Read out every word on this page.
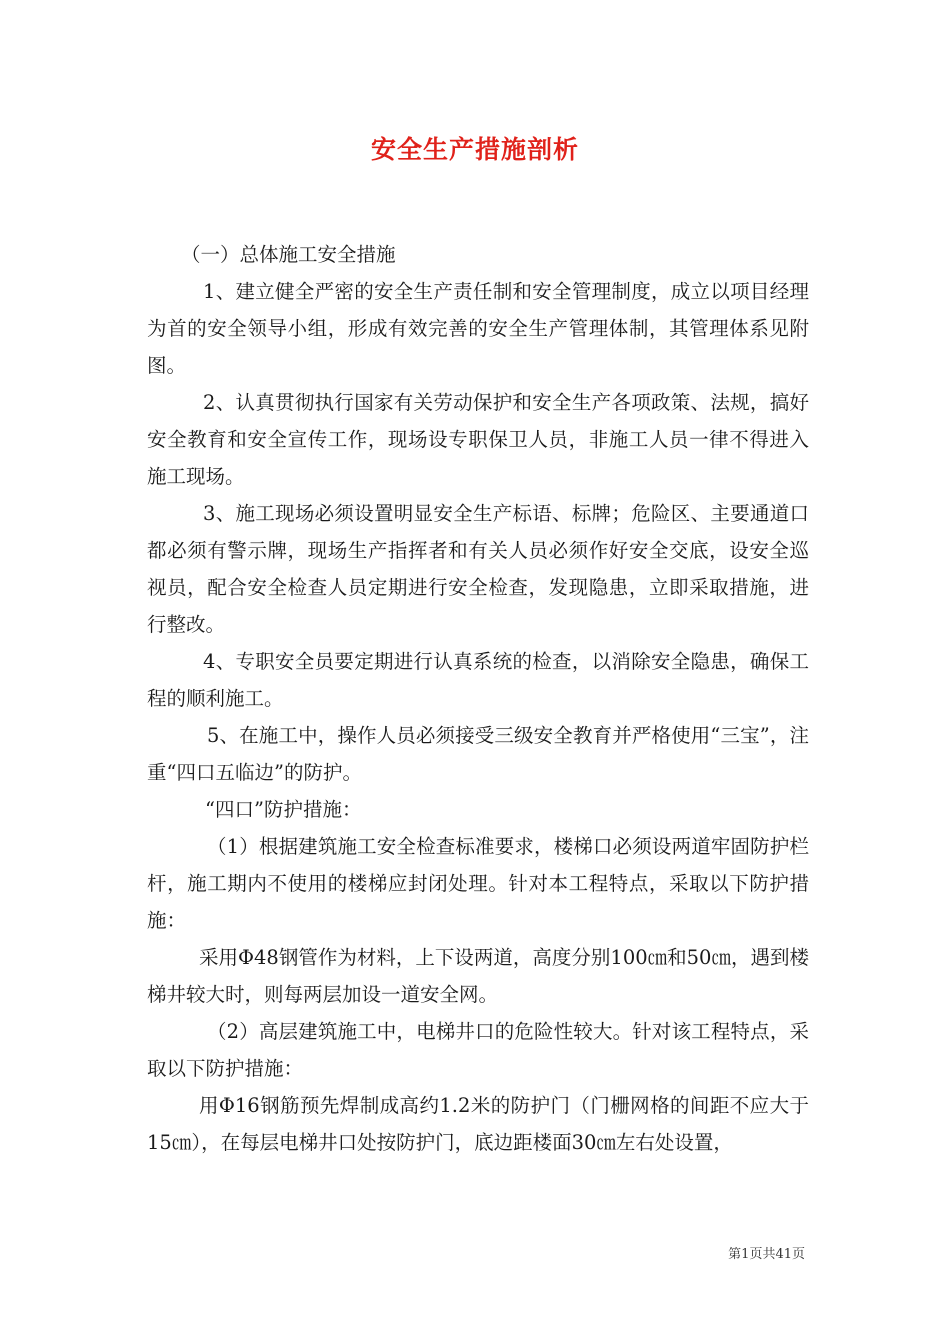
安全生产措施剖析

（一）总体施工安全措施

1、建立健全严密的安全生产责任制和安全管理制度，成立以项目经理为首的安全领导小组，形成有效完善的安全生产管理体制，其管理体系见附图。

2、认真贯彻执行国家有关劳动保护和安全生产各项政策、法规，搞好安全教育和安全宣传工作，现场设专职保卫人员，非施工人员一律不得进入施工现场。

3、施工现场必须设置明显安全生产标语、标牌；危险区、主要通道口都必须有警示牌，现场生产指挥者和有关人员必须作好安全交底，设安全巡视员，配合安全检查人员定期进行安全检查，发现隐患，立即采取措施，进行整改。

4、专职安全员要定期进行认真系统的检查，以消除安全隐患，确保工程的顺利施工。

5、在施工中，操作人员必须接受三级安全教育并严格使用“三宝”，注重“四口五临边”的防护。

“四口”防护措施：

（1）根据建筑施工安全检查标准要求，楼梯口必须设两道牢固防护栏杆，施工期内不使用的楼梯应封闭处理。针对本工程特点，采取以下防护措施：

采用Φ48钢管作为材料，上下设两道，高度分别100㎝和50㎝，遇到楼梯井较大时，则每两层加设一道安全网。

（2）高层建筑施工中，电梯井口的危险性较大。针对该工程特点，采取以下防护措施：

用Φ16钢筋预先焊制成高约1.2米的防护门（门栅网格的间距不应大于15㎝），在每层电梯井口处按防护门，底边距楼面30㎝左右处设置，

第1页共41页
